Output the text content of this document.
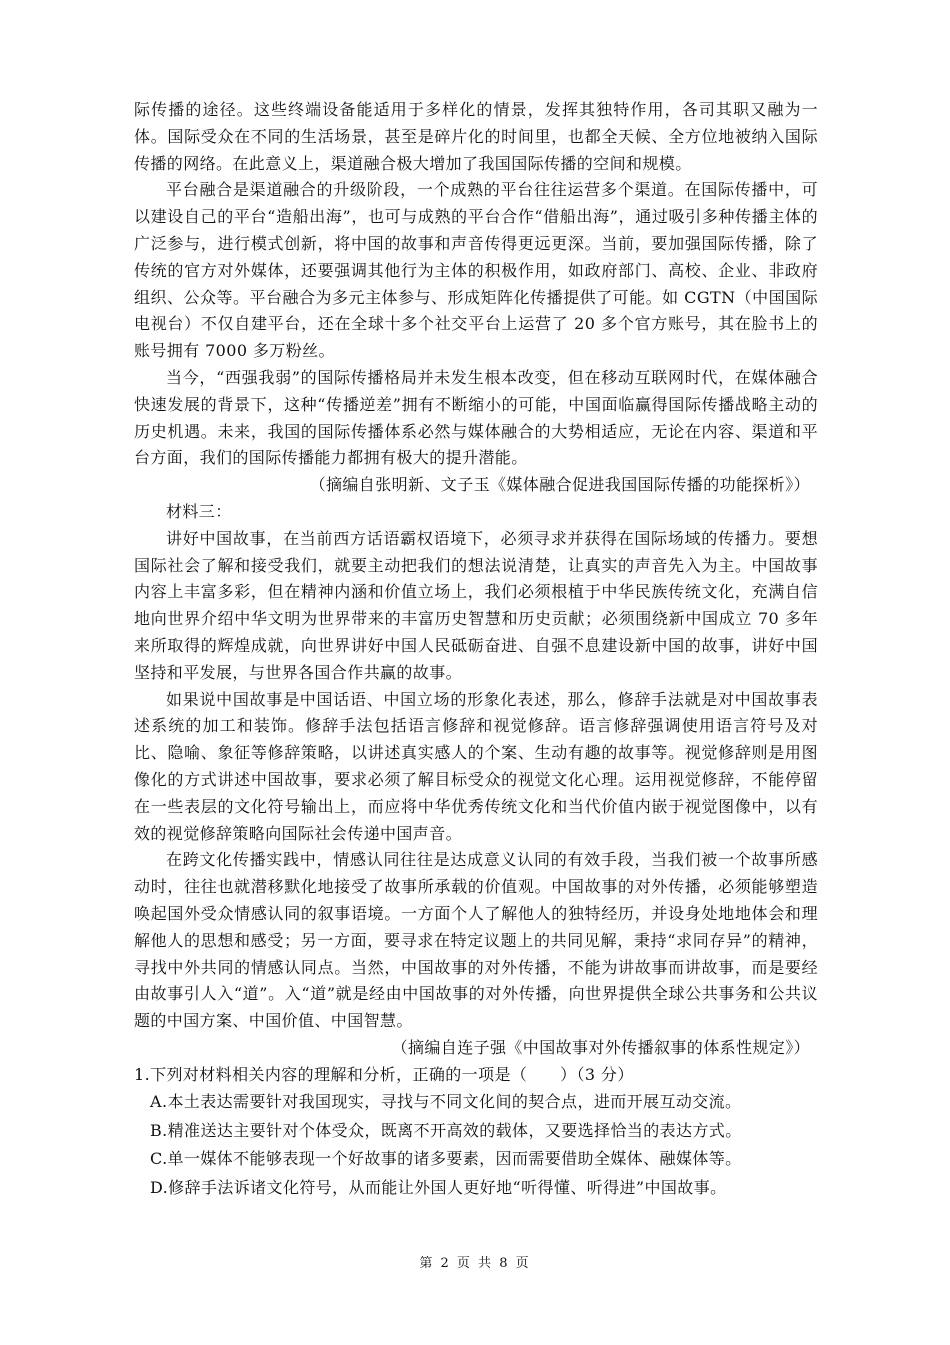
际传播的途径。这些终端设备能适用于多样化的情景，发挥其独特作用，各司其职又融为一体。国际受众在不同的生活场景，甚至是碎片化的时间里，也都全天候、全方位地被纳入国际传播的网络。在此意义上，渠道融合极大增加了我国国际传播的空间和规模。

平台融合是渠道融合的升级阶段，一个成熟的平台往往运营多个渠道。在国际传播中，可以建设自己的平台“造船出海”，也可与成熟的平台合作“借船出海”，通过吸引多种传播主体的广泛参与，进行模式创新，将中国的故事和声音传得更远更深。当前，要加强国际传播，除了传统的官方对外媒体，还要强调其他行为主体的积极作用，如政府部门、高校、企业、非政府组织、公众等。平台融合为多元主体参与、形成矩阵化传播提供了可能。如 CGTN（中国国际电视台）不仅自建平台，还在全球十多个社交平台上运营了 20 多个官方账号，其在脸书上的账号拥有 7000 多万粉丝。

当今，“西强我弱”的国际传播格局并未发生根本改变，但在移动互联网时代，在媒体融合快速发展的背景下，这种“传播逆差”拥有不断缩小的可能，中国面临赢得国际传播战略主动的历史机遇。未来，我国的国际传播体系必然与媒体融合的大势相适应，无论在内容、渠道和平台方面，我们的国际传播能力都拥有极大的提升潜能。

（摘编自张明新、文子玉《媒体融合促进我国国际传播的功能探析》）

材料三：

讲好中国故事，在当前西方话语霸权语境下，必须寻求并获得在国际场域的传播力。要想国际社会了解和接受我们，就要主动把我们的想法说清楚，让真实的声音先入为主。中国故事内容上丰富多彩，但在精神内涵和价值立场上，我们必须根植于中华民族传统文化，充满自信地向世界介绍中华文明为世界带来的丰富历史智慧和历史贡献；必须围绕新中国成立 70 多年来所取得的辉煌成就，向世界讲好中国人民砥砺奋进、自强不息建设新中国的故事，讲好中国坚持和平发展，与世界各国合作共赢的故事。

如果说中国故事是中国话语、中国立场的形象化表述，那么，修辞手法就是对中国故事表述系统的加工和装饰。修辞手法包括语言修辞和视觉修辞。语言修辞强调使用语言符号及对比、隐喻、象征等修辞策略，以讲述真实感人的个案、生动有趣的故事等。视觉修辞则是用图像化的方式讲述中国故事，要求必须了解目标受众的视觉文化心理。运用视觉修辞，不能停留在一些表层的文化符号输出上，而应将中华优秀传统文化和当代价值内嵌于视觉图像中，以有效的视觉修辞策略向国际社会传递中国声音。

在跨文化传播实践中，情感认同往往是达成意义认同的有效手段，当我们被一个故事所感动时，往往也就潜移默化地接受了故事所承载的价值观。中国故事的对外传播，必须能够塑造唤起国外受众情感认同的叙事语境。一方面个人了解他人的独特经历，并设身处地地体会和理解他人的思想和感受；另一方面，要寻求在特定议题上的共同见解，秉持“求同存异”的精神，寻找中外共同的情感认同点。当然，中国故事的对外传播，不能为讲故事而讲故事，而是要经由故事引人入“道”。入“道”就是经由中国故事的对外传播，向世界提供全球公共事务和公共议题的中国方案、中国价值、中国智慧。

（摘编自连子强《中国故事对外传播叙事的体系性规定》）

1.下列对材料相关内容的理解和分析，正确的一项是（　　）（3 分）

A.本土表达需要针对我国现实，寻找与不同文化间的契合点，进而开展互动交流。

B.精准送达主要针对个体受众，既离不开高效的载体，又要选择恰当的表达方式。

C.单一媒体不能够表现一个好故事的诸多要素，因而需要借助全媒体、融媒体等。

D.修辞手法诉诸文化符号，从而能让外国人更好地“听得懂、听得进”中国故事。

第 2 页 共 8 页
